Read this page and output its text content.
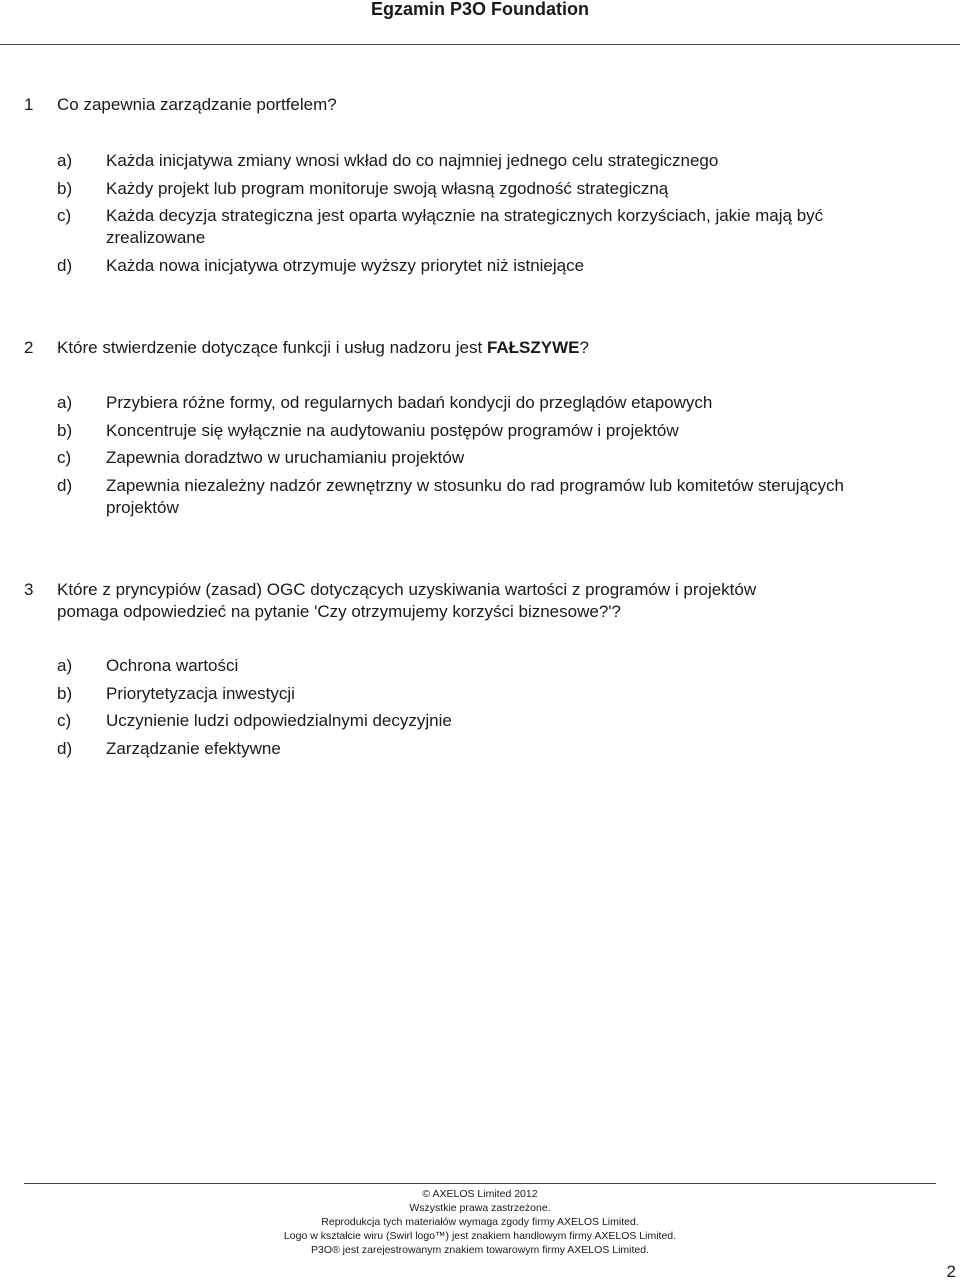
Egzamin P3O Foundation
1 Co zapewnia zarządzanie portfelem?
a) Każda inicjatywa zmiany wnosi wkład do co najmniej jednego celu strategicznego
b) Każdy projekt lub program monitoruje swoją własną zgodność strategiczną
c) Każda decyzja strategiczna jest oparta wyłącznie na strategicznych korzyściach, jakie mają być zrealizowane
d) Każda nowa inicjatywa otrzymuje wyższy priorytet niż istniejące
2 Które stwierdzenie dotyczące funkcji i usług nadzoru jest FAŁSZYWE?
a) Przybiera różne formy, od regularnych badań kondycji do przeglądów etapowych
b) Koncentruje się wyłącznie na audytowaniu postępów programów i projektów
c) Zapewnia doradztwo w uruchamianiu projektów
d) Zapewnia niezależny nadzór zewnętrzny w stosunku do rad programów lub komitetów sterujących projektów
3 Które z pryncypiów (zasad) OGC dotyczących uzyskiwania wartości z programów i projektów pomaga odpowiedzieć na pytanie 'Czy otrzymujemy korzyści biznesowe?'?
a) Ochrona wartości
b) Priorytetyzacja inwestycji
c) Uczynienie ludzi odpowiedzialnymi decyzyjnie
d) Zarządzanie efektywne
© AXELOS Limited 2012
Wszystkie prawa zastrzeżone.
Reprodukcja tych materiałów wymaga zgody firmy AXELOS Limited.
Logo w kształcie wiru (Swirl logo™) jest znakiem handlowym firmy AXELOS Limited.
P3O® jest zarejestrowanym znakiem towarowym firmy AXELOS Limited.
2
